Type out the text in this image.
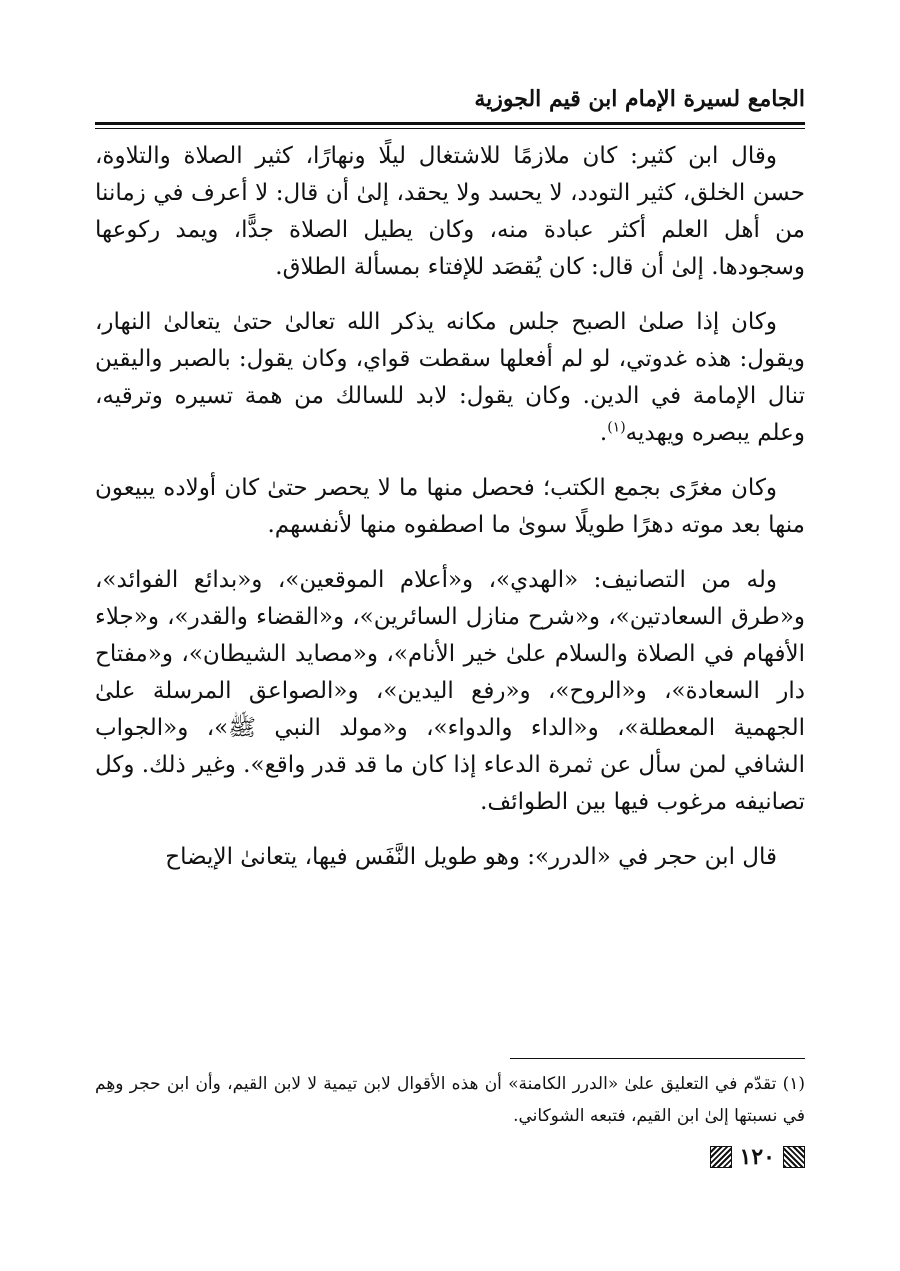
الجامع لسيرة الإمام ابن قيم الجوزية

وقال ابن كثير: كان ملازمًا للاشتغال ليلًا ونهارًا، كثير الصلاة والتلاوة، حسن الخلق، كثير التودد، لا يحسد ولا يحقد، إلىٰ أن قال: لا أعرف في زماننا من أهل العلم أكثر عبادة منه، وكان يطيل الصلاة جدًّا، ويمد ركوعها وسجودها. إلىٰ أن قال: كان يُقصَد للإفتاء بمسألة الطلاق.

وكان إذا صلىٰ الصبح جلس مكانه يذكر الله تعالىٰ حتىٰ يتعالىٰ النهار، ويقول: هذه غدوتي، لو لم أفعلها سقطت قواي، وكان يقول: بالصبر واليقين تنال الإمامة في الدين. وكان يقول: لابد للسالك من همة تسيره وترقيه، وعلم يبصره ويهديه$^{(١)}$.

وكان مغرًى بجمع الكتب؛ فحصل منها ما لا يحصر حتىٰ كان أولاده يبيعون منها بعد موته دهرًا طويلًا سوىٰ ما اصطفوه منها لأنفسهم.

وله من التصانيف: «الهدي»، و«أعلام الموقعين»، و«بدائع الفوائد»، و«طرق السعادتين»، و«شرح منازل السائرين»، و«القضاء والقدر»، و«جلاء الأفهام في الصلاة والسلام علىٰ خير الأنام»، و«مصايد الشيطان»، و«مفتاح دار السعادة»، و«الروح»، و«رفع اليدين»، و«الصواعق المرسلة علىٰ الجهمية المعطلة»، و«الداء والدواء»، و«مولد النبي ﷺ»، و«الجواب الشافي لمن سأل عن ثمرة الدعاء إذا كان ما قد قدر واقع». وغير ذلك. وكل تصانيفه مرغوب فيها بين الطوائف.

قال ابن حجر في «الدرر»: وهو طويل النَّفَس فيها، يتعانىٰ الإيضاح

(١) تقدّم في التعليق علىٰ «الدرر الكامنة» أن هذه الأقوال لابن تيمية لا لابن القيم، وأن ابن حجر وهِم في نسبتها إلىٰ ابن القيم، فتبعه الشوكاني.
١٢٠
